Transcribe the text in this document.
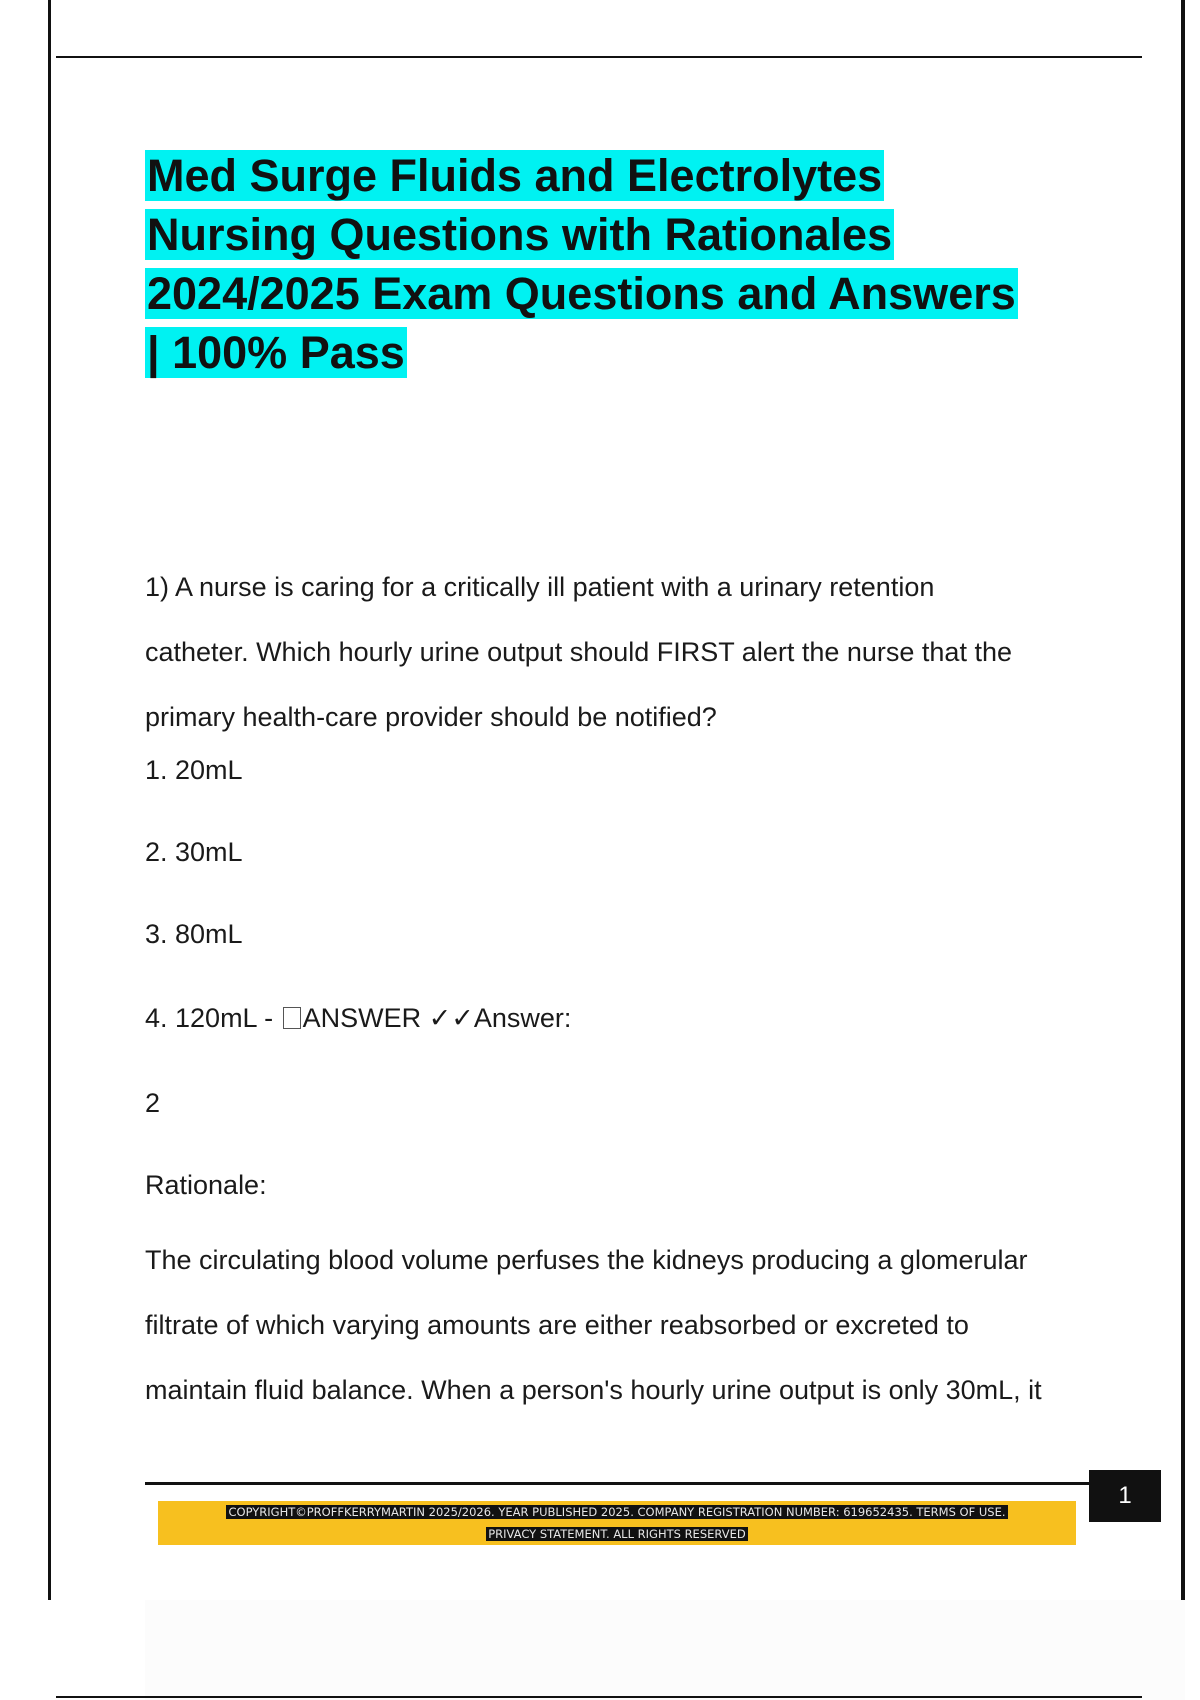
Med Surge Fluids and Electrolytes
Nursing Questions with Rationales
2024/2025 Exam Questions and Answers
| 100% Pass

1) A nurse is caring for a critically ill patient with a urinary retention
catheter. Which hourly urine output should FIRST alert the nurse that the
primary health-care provider should be notified?

1. 20mL

2. 30mL

3. 80mL

4. 120mL - ANSWER ✓✓Answer:

2

Rationale:

The circulating blood volume perfuses the kidneys producing a glomerular
filtrate of which varying amounts are either reabsorbed or excreted to
maintain fluid balance. When a person's hourly urine output is only 30mL, it

COPYRIGHT©PROFFKERRYMARTIN 2025/2026. YEAR PUBLISHED 2025. COMPANY REGISTRATION NUMBER: 619652435. TERMS OF USE.
PRIVACY STATEMENT. ALL RIGHTS RESERVED
1
